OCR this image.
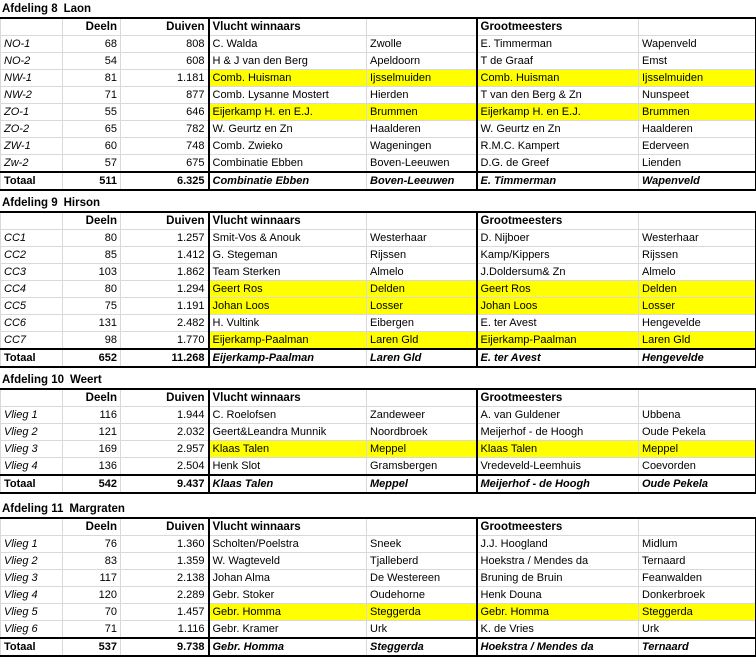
Afdeling 8 Laon
	Deeln	Duiven	Vlucht winnaars		Grootmeesters	
NO-1	68	808	C. Walda	Zwolle	E. Timmerman	Wapenveld
NO-2	54	608	H & J van den Berg	Apeldoorn	T de Graaf	Emst
NW-1	81	1.181	Comb. Huisman	Ijsselmuiden	Comb. Huisman	Ijsselmuiden
NW-2	71	877	Comb. Lysanne Mostert	Hierden	T van den Berg & Zn	Nunspeet
ZO-1	55	646	Eijerkamp H. en E.J.	Brummen	Eijerkamp H. en E.J.	Brummen
ZO-2	65	782	W. Geurtz en Zn	Haalderen	W. Geurtz en Zn	Haalderen
ZW-1	60	748	Comb. Zwieko	Wageningen	R.M.C. Kampert	Ederveen
Zw-2	57	675	Combinatie Ebben	Boven-Leeuwen	D.G. de Greef	Lienden
Totaal	511	6.325	Combinatie Ebben	Boven-Leeuwen	E. Timmerman	Wapenveld
Afdeling 9 Hirson
	Deeln	Duiven	Vlucht winnaars		Grootmeesters	
CC1	80	1.257	Smit-Vos & Anouk	Westerhaar	D. Nijboer	Westerhaar
CC2	85	1.412	G. Stegeman	Rijssen	Kamp/Kippers	Rijssen
CC3	103	1.862	Team Sterken	Almelo	J.Doldersum& Zn	Almelo
CC4	80	1.294	Geert Ros	Delden	Geert Ros	Delden
CC5	75	1.191	Johan Loos	Losser	Johan Loos	Losser
CC6	131	2.482	H. Vultink	Eibergen	E. ter Avest	Hengevelde
CC7	98	1.770	Eijerkamp-Paalman	Laren Gld	Eijerkamp-Paalman	Laren Gld
Totaal	652	11.268	Eijerkamp-Paalman	Laren Gld	E. ter Avest	Hengevelde
Afdeling 10 Weert
	Deeln	Duiven	Vlucht winnaars		Grootmeesters	
Vlieg 1	116	1.944	C. Roelofsen	Zandeweer	A. van Guldener	Ubbena
Vlieg 2	121	2.032	Geert&Leandra Munnik	Noordbroek	Meijerhof - de Hoogh	Oude Pekela
Vlieg 3	169	2.957	Klaas Talen	Meppel	Klaas Talen	Meppel
Vlieg 4	136	2.504	Henk Slot	Gramsbergen	Vredeveld-Leemhuis	Coevorden
Totaal	542	9.437	Klaas Talen	Meppel	Meijerhof - de Hoogh	Oude Pekela
Afdeling 11 Margraten
	Deeln	Duiven	Vlucht winnaars		Grootmeesters	
Vlieg 1	76	1.360	Scholten/Poelstra	Sneek	J.J. Hoogland	Midlum
Vlieg 2	83	1.359	W. Wagteveld	Tjalleberd	Hoekstra / Mendes da	Ternaard
Vlieg 3	117	2.138	Johan Alma	De Westereen	Bruning de Bruin	Feanwalden
Vlieg 4	120	2.289	Gebr. Stoker	Oudehorne	Henk Douna	Donkerbroek
Vlieg 5	70	1.457	Gebr. Homma	Steggerda	Gebr. Homma	Steggerda
Vlieg 6	71	1.116	Gebr. Kramer	Urk	K. de Vries	Urk
Totaal	537	9.738	Gebr. Homma	Steggerda	Hoekstra / Mendes da	Ternaard
